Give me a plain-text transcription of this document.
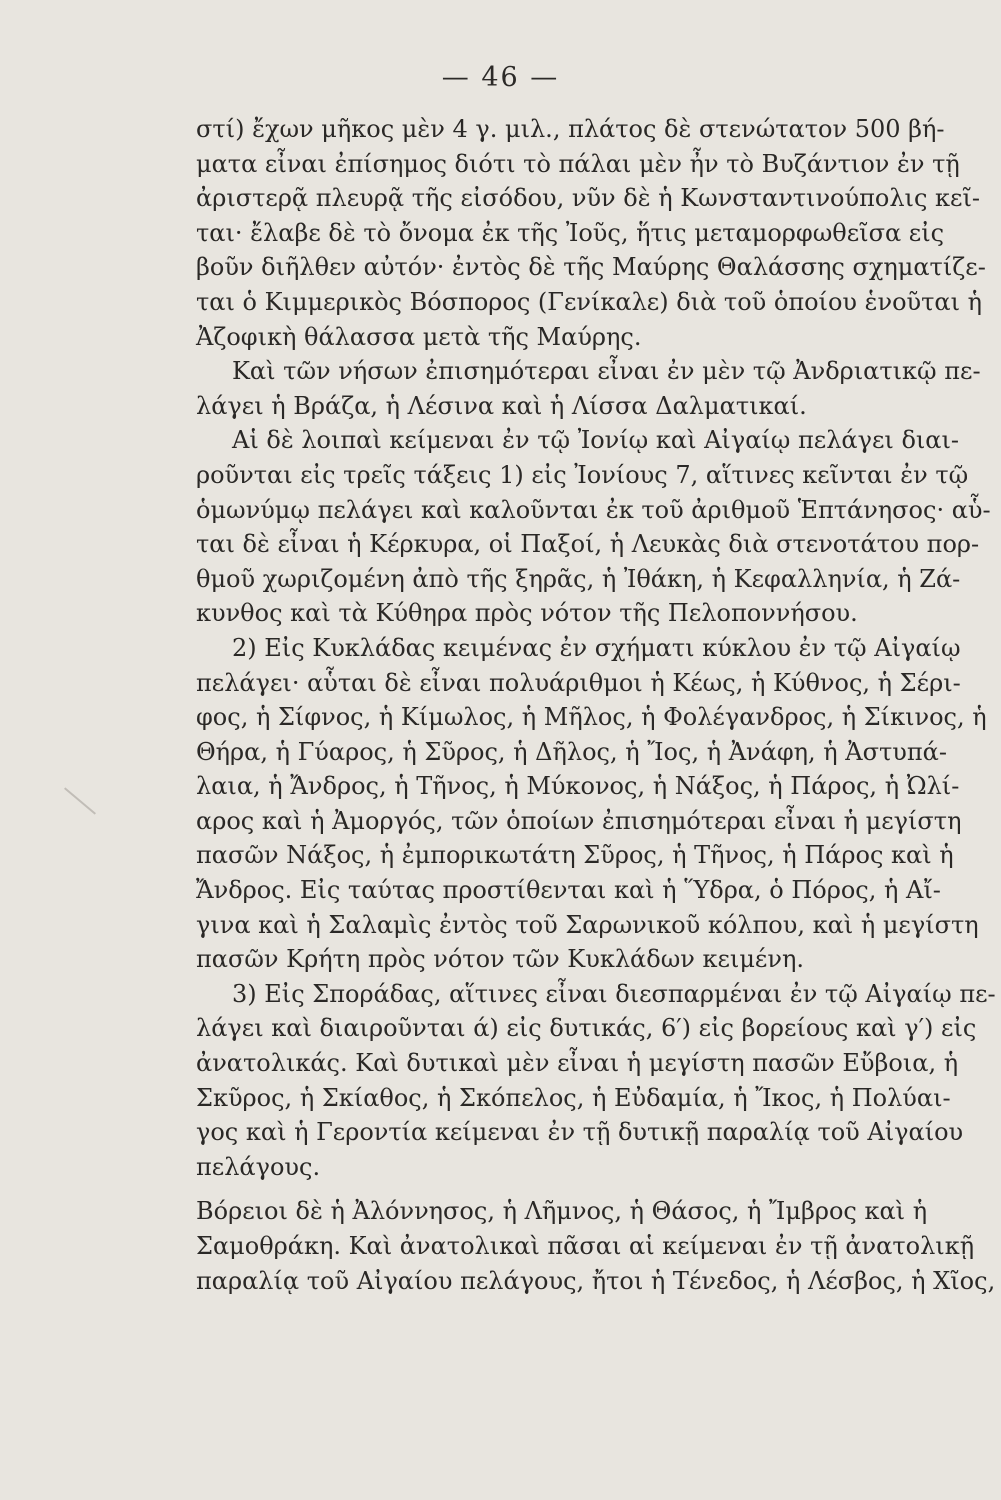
— 46 —
στί) ἔχων μῆκος μὲν 4 γ. μιλ., πλάτος δὲ στενώτατον 500 βή-
ματα εἶναι ἐπίσημος διότι τὸ πάλαι μὲν ἦν τὸ Βυζάντιον ἐν τῇ
ἀριστερᾷ πλευρᾷ τῆς εἰσόδου, νῦν δὲ ἡ Κωνσταντινούπολις κεῖ-
ται· ἔλαβε δὲ τὸ ὄνομα ἐκ τῆς Ἰοῦς, ἥτις μεταμορφωθεῖσα εἰς
βοῦν διῆλθεν αὐτόν· ἐντὸς δὲ τῆς Μαύρης Θαλάσσης σχηματίζε-
ται ὁ Κιμμερικὸς Βόσπορος (Γενίκαλε) διὰ τοῦ ὁποίου ἑνοῦται ἡ
Ἀζοφικὴ θάλασσα μετὰ τῆς Μαύρης.
Καὶ τῶν νήσων ἐπισημότεραι εἶναι ἐν μὲν τῷ Ἀνδριατικῷ πε-
λάγει ἡ Βράζα, ἡ Λέσινα καὶ ἡ Λίσσα Δαλματικαί.
Αἱ δὲ λοιπαὶ κείμεναι ἐν τῷ Ἰονίῳ καὶ Αἰγαίῳ πελάγει διαι-
ροῦνται εἰς τρεῖς τάξεις 1) εἰς Ἰονίους 7, αἵτινες κεῖνται ἐν τῷ
ὁμωνύμῳ πελάγει καὶ καλοῦνται ἐκ τοῦ ἀριθμοῦ Ἑπτάνησος· αὗ-
ται δὲ εἶναι ἡ Κέρκυρα, οἱ Παξοί, ἡ Λευκὰς διὰ στενοτάτου πορ-
θμοῦ χωριζομένη ἀπὸ τῆς ξηρᾶς, ἡ Ἰθάκη, ἡ Κεφαλληνία, ἡ Ζά-
κυνθος καὶ τὰ Κύθηρα πρὸς νότον τῆς Πελοποννήσου.
2) Εἰς Κυκλάδας κειμένας ἐν σχήματι κύκλου ἐν τῷ Αἰγαίῳ
πελάγει· αὗται δὲ εἶναι πολυάριθμοι ἡ Κέως, ἡ Κύθνος, ἡ Σέρι-
φος, ἡ Σίφνος, ἡ Κίμωλος, ἡ Μῆλος, ἡ Φολέγανδρος, ἡ Σίκινος, ἡ
Θήρα, ἡ Γύαρος, ἡ Σῦρος, ἡ Δῆλος, ἡ Ἴος, ἡ Ἀνάφη, ἡ Ἀστυπά-
λαια, ἡ Ἄνδρος, ἡ Τῆνος, ἡ Μύκονος, ἡ Νάξος, ἡ Πάρος, ἡ Ὠλί-
αρος καὶ ἡ Ἀμοργός, τῶν ὁποίων ἐπισημότεραι εἶναι ἡ μεγίστη
πασῶν Νάξος, ἡ ἐμπορικωτάτη Σῦρος, ἡ Τῆνος, ἡ Πάρος καὶ ἡ
Ἄνδρος. Εἰς ταύτας προστίθενται καὶ ἡ Ὕδρα, ὁ Πόρος, ἡ Αἴ-
γινα καὶ ἡ Σαλαμὶς ἐντὸς τοῦ Σαρωνικοῦ κόλπου, καὶ ἡ μεγίστη
πασῶν Κρήτη πρὸς νότον τῶν Κυκλάδων κειμένη.
3) Εἰς Σποράδας, αἵτινες εἶναι διεσπαρμέναι ἐν τῷ Αἰγαίῳ πε-
λάγει καὶ διαιροῦνται ά) εἰς δυτικάς, 6′) εἰς βορείους καὶ γ′) εἰς
ἀνατολικάς. Καὶ δυτικαὶ μὲν εἶναι ἡ μεγίστη πασῶν Εὔβοια, ἡ
Σκῦρος, ἡ Σκίαθος, ἡ Σκόπελος, ἡ Εὐδαμία, ἡ Ἴκος, ἡ Πολύαι-
γος καὶ ἡ Γεροντία κείμεναι ἐν τῇ δυτικῇ παραλίᾳ τοῦ Αἰγαίου
πελάγους.
Βόρειοι δὲ ἡ Ἀλόννησος, ἡ Λῆμνος, ἡ Θάσος, ἡ Ἴμβρος καὶ ἡ
Σαμοθράκη. Καὶ ἀνατολικαὶ πᾶσαι αἱ κείμεναι ἐν τῇ ἀνατολικῇ
παραλίᾳ τοῦ Αἰγαίου πελάγους, ἤτοι ἡ Τένεδος, ἡ Λέσβος, ἡ Χῖος,
